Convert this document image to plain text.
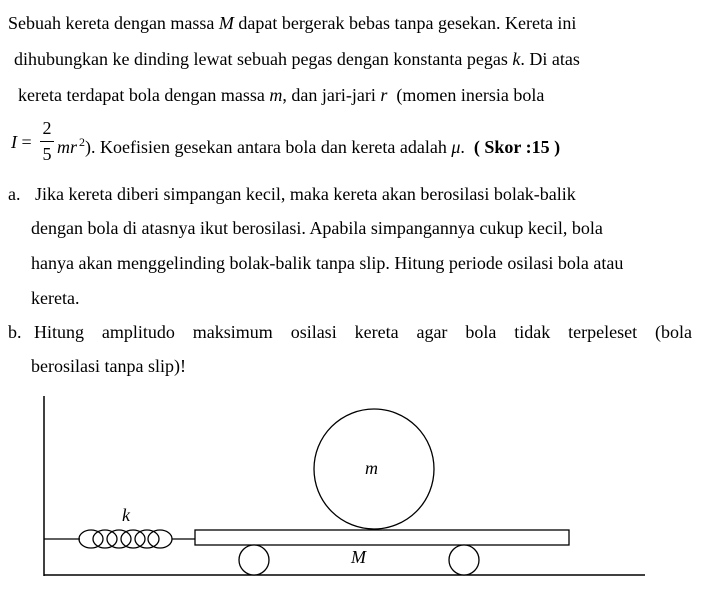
Sebuah kereta dengan massa M dapat bergerak bebas tanpa gesekan. Kereta ini
dihubungkan ke dinding lewat sebuah pegas dengan konstanta pegas k. Di atas
kereta terdapat bola dengan massa m, dan jari-jari r  (momen inersia bola
I =
2
5 mr $^2$). Koefisien gesekan antara bola dan kereta adalah μ.  ( Skor :15 )
a. Jika kereta diberi simpangan kecil, maka kereta akan berosilasi bolak-balik
dengan bola di atasnya ikut berosilasi. Apabila simpangannya cukup kecil, bola
hanya akan menggelinding bolak-balik tanpa slip. Hitung periode osilasi bola atau
kereta.
b. Hitung amplitudo maksimum osilasi kereta agar bola tidak terpeleset (bola
berosilasi tanpa slip)!
k
m
M
